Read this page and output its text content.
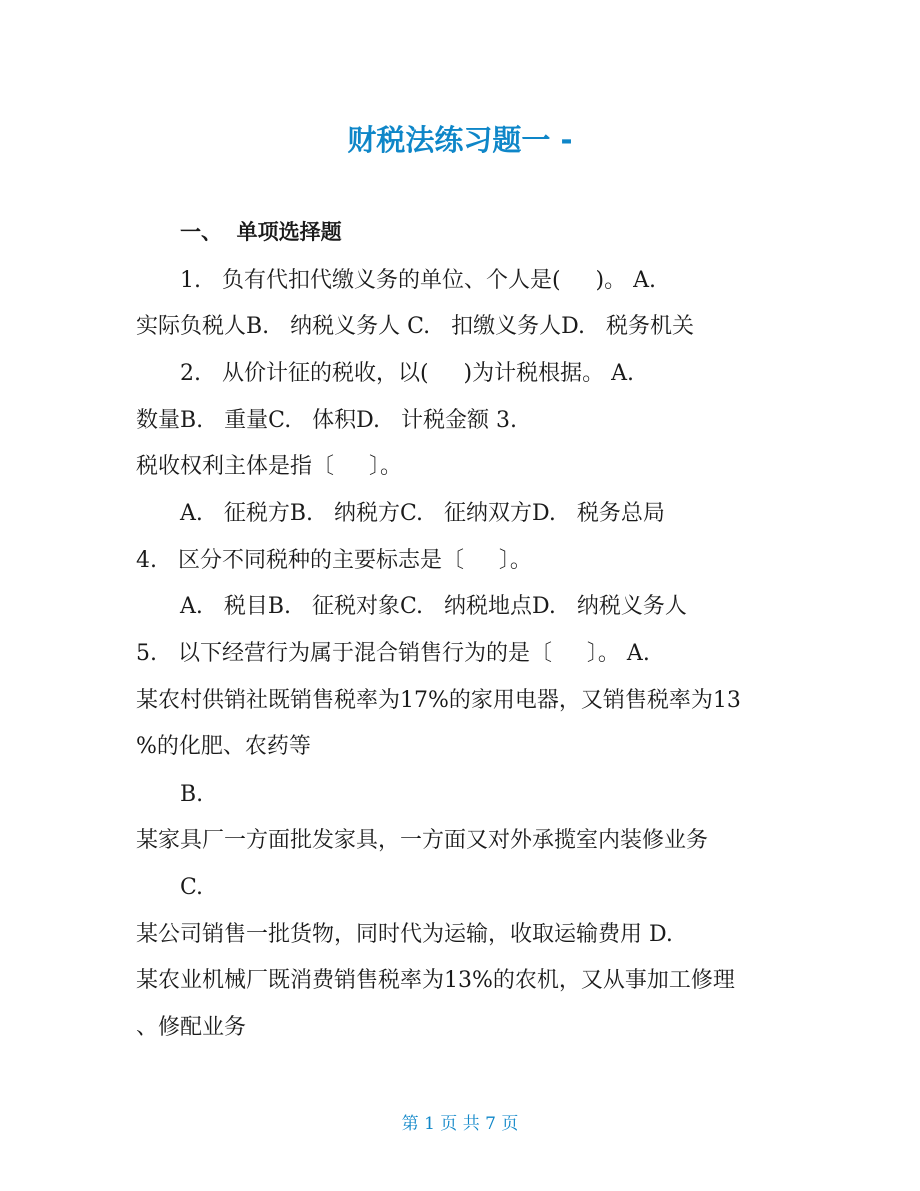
财税法练习题一 -
一、  单项选择题
1.   负有代扣代缴义务的单位、个人是(     )。 A.
实际负税人B.   纳税义务人 C.   扣缴义务人D.   税务机关
2.   从价计征的税收，以(     )为计税根据。 A.
数量B.   重量C.   体积D.   计税金额 3.
税收权利主体是指〔     〕。
A.   征税方B.   纳税方C.   征纳双方D.   税务总局
4.   区分不同税种的主要标志是〔     〕。
A.   税目B.   征税对象C.   纳税地点D.   纳税义务人
5.   以下经营行为属于混合销售行为的是〔     〕。 A.
某农村供销社既销售税率为17%的家用电器，又销售税率为13
%的化肥、农药等
B.
某家具厂一方面批发家具，一方面又对外承揽室内装修业务
C.
某公司销售一批货物，同时代为运输，收取运输费用 D.
某农业机械厂既消费销售税率为13%的农机，又从事加工修理
、修配业务
第 1 页 共 7 页
